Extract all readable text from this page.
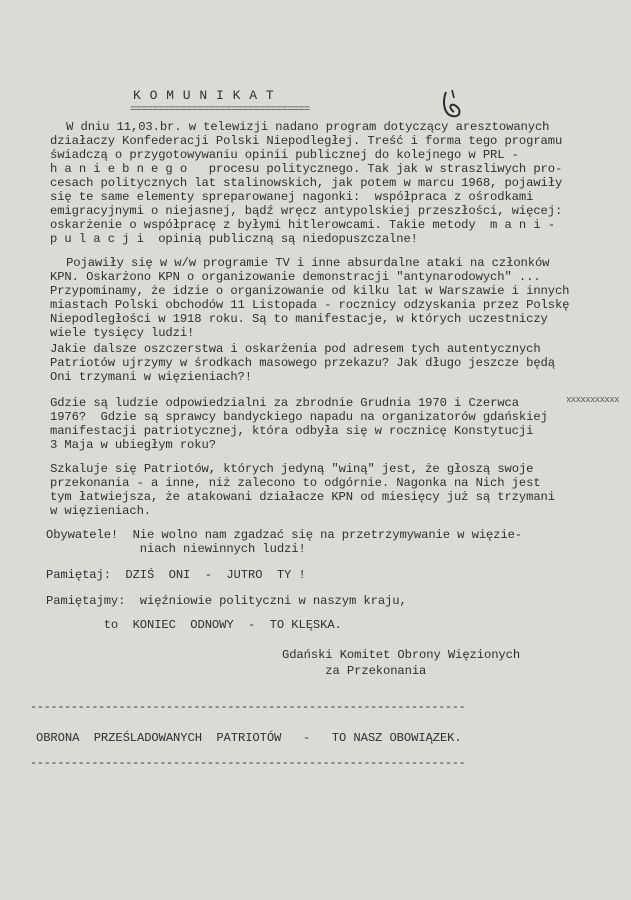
K O M U N I K A T
================================
W dniu 11,03.br. w telewizji nadano program dotyczący aresztowanych
działaczy Konfederacji Polski Niepodległej. Treść i forma tego programu
świadczą o przygotowywaniu opinii publicznej do kolejnego w PRL -
h a n i e b n e g o   procesu politycznego. Tak jak w straszliwych pro-
cesach politycznych lat stalinowskich, jak potem w marcu 1968, pojawiły
się te same elementy spreparowanej nagonki:  współpraca z ośrodkami
emigracyjnymi o niejasnej, bądź wręcz antypolskiej przeszłości, więcej:
oskarżenie o współpracę z byłymi hitlerowcami. Takie metody  m a n i -
p u l a c j i  opinią publiczną są niedopuszczalne!
Pojawiły się w w/w programie TV i inne absurdalne ataki na członków
KPN. Oskarżono KPN o organizowanie demonstracji "antynarodowych" ...
Przypominamy, że idzie o organizowanie od kilku lat w Warszawie i innych
miastach Polski obchodów 11 Listopada - rocznicy odzyskania przez Polskę
Niepodległości w 1918 roku. Są to manifestacje, w których uczestniczy
wiele tysięcy ludzi!
Jakie dalsze oszczerstwa i oskarżenia pod adresem tych autentycznych
Patriotów ujrzymy w środkach masowego przekazu? Jak długo jeszcze będą
Oni trzymani w więzieniach?!
Gdzie są ludzie odpowiedzialni za zbrodnie Grudnia 1970 i Czerwca
1976?  Gdzie są sprawcy bandyckiego napadu na organizatorów gdańskiej
manifestacji patriotycznej, która odbyła się w rocznicę Konstytucji
3 Maja w ubiegłym roku?
xxxxxxxxxxx
Szkaluje się Patriotów, których jedyną "winą" jest, że głoszą swoje
przekonania - a inne, niż zalecono to odgórnie. Nagonka na Nich jest
tym łatwiejsza, że atakowani działacze KPN od miesięcy już są trzymani
w więzieniach.
Obywatele!  Nie wolno nam zgadzać się na przetrzymywanie w więzie-
niach niewinnych ludzi!
Pamiętaj:  DZIŚ  ONI  -  JUTRO  TY !
Pamiętajmy:  więźniowie polityczni w naszym kraju,
to  KONIEC  ODNOWY  -  TO KLĘSKA.
Gdański Komitet Obrony Więzionych
za Przekonania
----------------------------------------------------------------
OBRONA  PRZEŚLADOWANYCH  PATRIOTÓW   -   TO NASZ OBOWIĄZEK.
----------------------------------------------------------------
